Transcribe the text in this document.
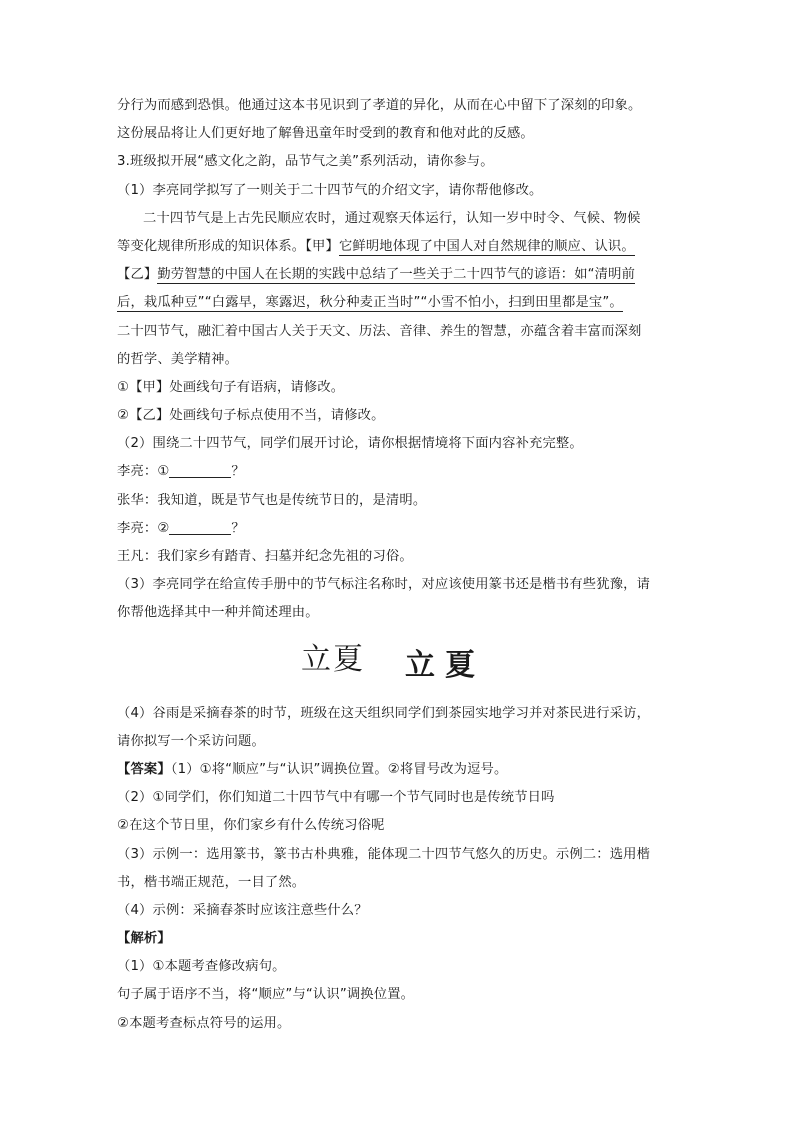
分行为而感到恐惧。他通过这本书见识到了孝道的异化，从而在心中留下了深刻的印象。
这份展品将让人们更好地了解鲁迅童年时受到的教育和他对此的反感。
3.班级拟开展“感文化之韵，品节气之美”系列活动，请你参与。
（1）李亮同学拟写了一则关于二十四节气的介绍文字，请你帮他修改。
二十四节气是上古先民顺应农时，通过观察天体运行，认知一岁中时令、气候、物候
等变化规律所形成的知识体系。【甲】它鲜明地体现了中国人对自然规律的顺应、认识。
【乙】勤劳智慧的中国人在长期的实践中总结了一些关于二十四节气的谚语：如“清明前
后，栽瓜种豆”“白露早，寒露迟，秋分种麦正当时”“小雪不怕小，扫到田里都是宝”。
二十四节气，融汇着中国古人关于天文、历法、音律、养生的智慧，亦蕴含着丰富而深刻
的哲学、美学精神。
①【甲】处画线句子有语病，请修改。
②【乙】处画线句子标点使用不当，请修改。
（2）围绕二十四节气，同学们展开讨论，请你根据情境将下面内容补充完整。
李亮：①	？
张华：我知道，既是节气也是传统节日的，是清明。
李亮：②	？
王凡：我们家乡有踏青、扫墓并纪念先祖的习俗。
（3）李亮同学在给宣传手册中的节气标注名称时，对应该使用篆书还是楷书有些犹豫，请
你帮他选择其中一种并简述理由。
立夏 立夏
（4）谷雨是采摘春茶的时节，班级在这天组织同学们到茶园实地学习并对茶民进行采访，
请你拟写一个采访问题。
【答案】（1）①将“顺应”与“认识”调换位置。②将冒号改为逗号。
（2）①同学们，你们知道二十四节气中有哪一个节气同时也是传统节日吗
②在这个节日里，你们家乡有什么传统习俗呢
（3）示例一：选用篆书，篆书古朴典雅，能体现二十四节气悠久的历史。示例二：选用楷
书，楷书端正规范，一目了然。
（4）示例：采摘春茶时应该注意些什么？
【解析】
（1）①本题考查修改病句。
句子属于语序不当，将“顺应”与“认识”调换位置。
②本题考查标点符号的运用。
